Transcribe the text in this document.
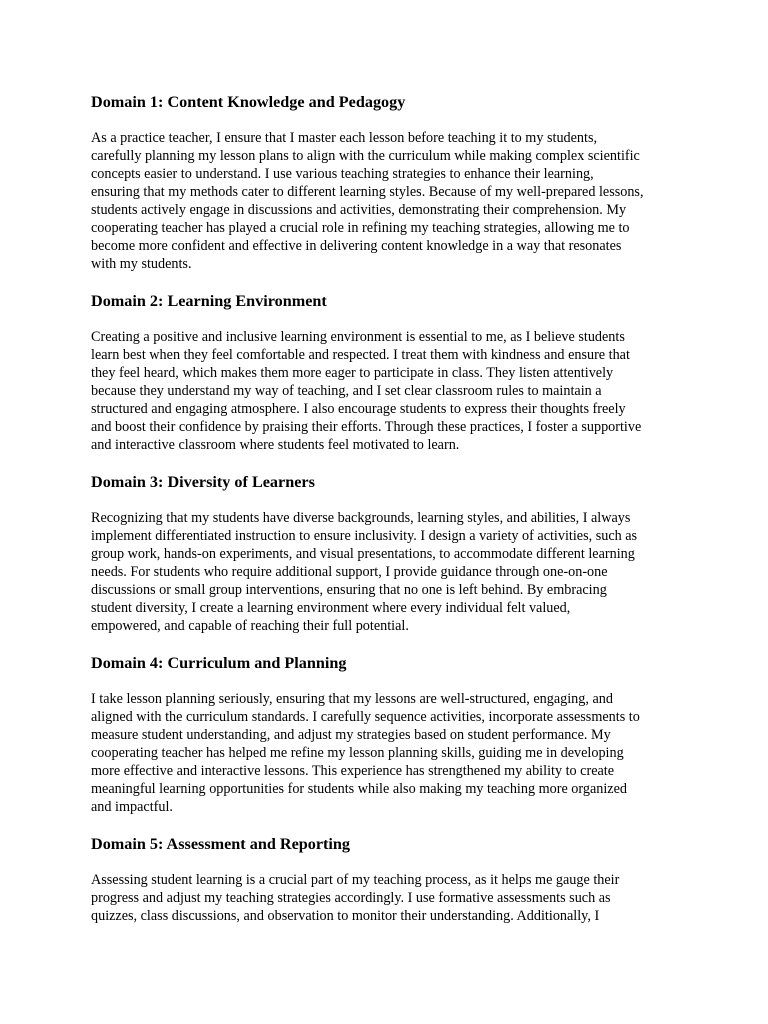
Domain 1: Content Knowledge and Pedagogy
As a practice teacher, I ensure that I master each lesson before teaching it to my students,
carefully planning my lesson plans to align with the curriculum while making complex scientific
concepts easier to understand. I use various teaching strategies to enhance their learning,
ensuring that my methods cater to different learning styles. Because of my well-prepared lessons,
students actively engage in discussions and activities, demonstrating their comprehension. My
cooperating teacher has played a crucial role in refining my teaching strategies, allowing me to
become more confident and effective in delivering content knowledge in a way that resonates
with my students.
Domain 2: Learning Environment
Creating a positive and inclusive learning environment is essential to me, as I believe students
learn best when they feel comfortable and respected. I treat them with kindness and ensure that
they feel heard, which makes them more eager to participate in class. They listen attentively
because they understand my way of teaching, and I set clear classroom rules to maintain a
structured and engaging atmosphere. I also encourage students to express their thoughts freely
and boost their confidence by praising their efforts. Through these practices, I foster a supportive
and interactive classroom where students feel motivated to learn.
Domain 3: Diversity of Learners
Recognizing that my students have diverse backgrounds, learning styles, and abilities, I always
implement differentiated instruction to ensure inclusivity. I design a variety of activities, such as
group work, hands-on experiments, and visual presentations, to accommodate different learning
needs. For students who require additional support, I provide guidance through one-on-one
discussions or small group interventions, ensuring that no one is left behind. By embracing
student diversity, I create a learning environment where every individual felt valued,
empowered, and capable of reaching their full potential.
Domain 4: Curriculum and Planning
I take lesson planning seriously, ensuring that my lessons are well-structured, engaging, and
aligned with the curriculum standards. I carefully sequence activities, incorporate assessments to
measure student understanding, and adjust my strategies based on student performance. My
cooperating teacher has helped me refine my lesson planning skills, guiding me in developing
more effective and interactive lessons. This experience has strengthened my ability to create
meaningful learning opportunities for students while also making my teaching more organized
and impactful.
Domain 5: Assessment and Reporting
Assessing student learning is a crucial part of my teaching process, as it helps me gauge their
progress and adjust my teaching strategies accordingly. I use formative assessments such as
quizzes, class discussions, and observation to monitor their understanding. Additionally, I
